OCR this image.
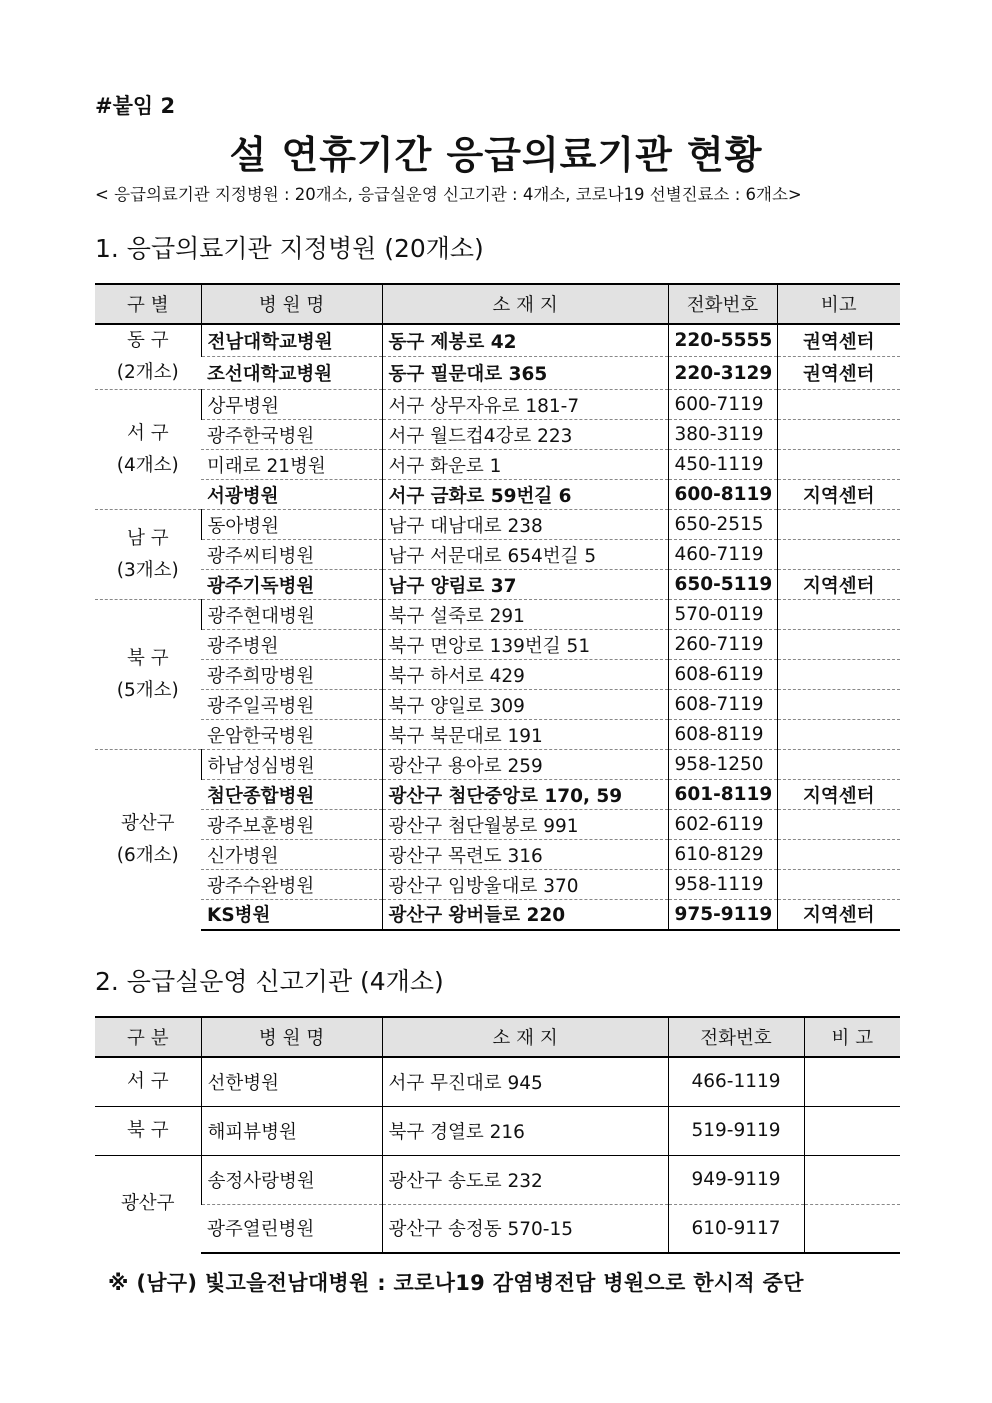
#붙임 2
설 연휴기간 응급의료기관 현황
< 응급의료기관 지정병원 : 20개소, 응급실운영 신고기관 : 4개소, 코로나19 선별진료소 : 6개소>
1. 응급의료기관 지정병원 (20개소)
구 별	병 원 명	소 재 지	전화번호	비고

동 구
(2개소)	전남대학교병원	동구 제봉로 42	220-5555	권역센터
	조선대학교병원	동구 필문대로 365	220-3129	권역센터

서 구
(4개소)	상무병원	서구 상무자유로 181-7	600-7119	
	광주한국병원	서구 월드컵4강로 223	380-3119	
	미래로 21병원	서구 화운로 1	450-1119	
	서광병원	서구 금화로 59번길 6	600-8119	지역센터

남 구
(3개소)	동아병원	남구 대남대로 238	650-2515	
	광주씨티병원	남구 서문대로 654번길 5	460-7119	
	광주기독병원	남구 양림로 37	650-5119	지역센터

북 구
(5개소)	광주현대병원	북구 설죽로 291	570-0119	
	광주병원	북구 면앙로 139번길 51	260-7119	
	광주희망병원	북구 하서로 429	608-6119	
	광주일곡병원	북구 양일로 309	608-7119	
	운암한국병원	북구 북문대로 191	608-8119	

광산구
(6개소)	하남성심병원	광산구 용아로 259	958-1250	
	첨단종합병원	광산구 첨단중앙로 170, 59	601-8119	지역센터
	광주보훈병원	광산구 첨단월봉로 991	602-6119	
	신가병원	광산구 목련도 316	610-8129	
	광주수완병원	광산구 임방울대로 370	958-1119	
	KS병원	광산구 왕버들로 220	975-9119	지역센터
2. 응급실운영 신고기관 (4개소)
구 분	병 원 명	소 재 지	전화번호	비 고

서 구	선한병원	서구 무진대로 945	466-1119	

북 구	해피뷰병원	북구 경열로 216	519-9119	

광산구	송정사랑병원	광산구 송도로 232	949-9119	
	광주열린병원	광산구 송정동 570-15	610-9117	
※ (남구) 빛고을전남대병원 : 코로나19 감염병전담 병원으로 한시적 중단
